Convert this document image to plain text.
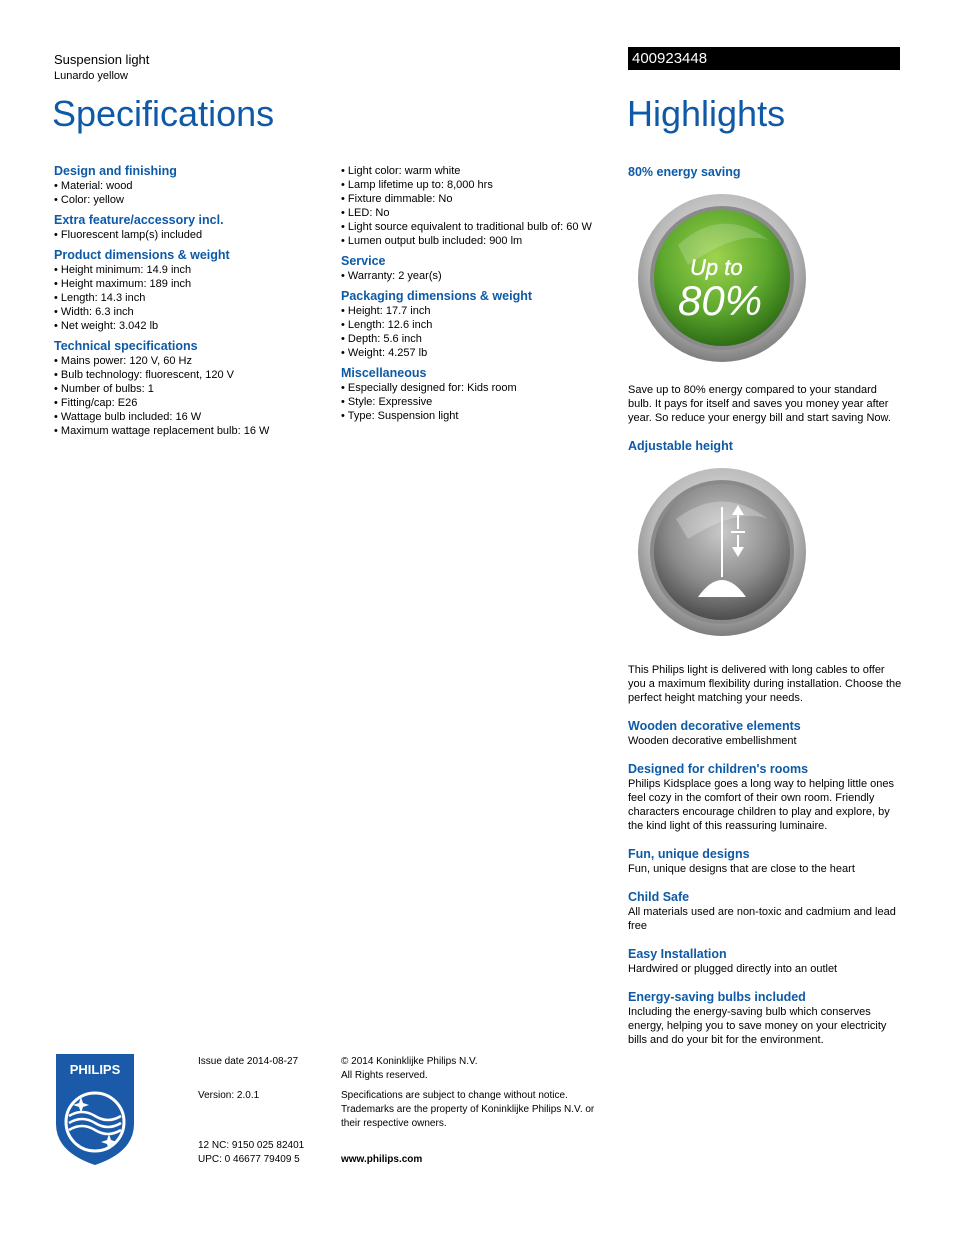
Suspension light
Lunardo yellow
400923448
Specifications	Highlights
Design and finishing
• Material: wood
• Color: yellow
Extra feature/accessory incl.
• Fluorescent lamp(s) included
Product dimensions & weight
• Height minimum: 14.9 inch
• Height maximum: 189 inch
• Length: 14.3 inch
• Width: 6.3 inch
• Net weight: 3.042 lb
Technical specifications
• Mains power: 120 V, 60 Hz
• Bulb technology: fluorescent, 120 V
• Number of bulbs: 1
• Fitting/cap: E26
• Wattage bulb included: 16 W
• Maximum wattage replacement bulb: 16 W
• Light color: warm white
• Lamp lifetime up to: 8,000 hrs
• Fixture dimmable: No
• LED: No
• Light source equivalent to traditional bulb of: 60 W
• Lumen output bulb included: 900 lm
Service
• Warranty: 2 year(s)
Packaging dimensions & weight
• Height: 17.7 inch
• Length: 12.6 inch
• Depth: 5.6 inch
• Weight: 4.257 lb
Miscellaneous
• Especially designed for: Kids room
• Style: Expressive
• Type: Suspension light
80% energy saving
Up to
80%
Save up to 80% energy compared to your standard bulb. It pays for itself and saves you money year after year. So reduce your energy bill and start saving Now.
Adjustable height
This Philips light is delivered with long cables to offer you a maximum flexibility during installation. Choose the perfect height matching your needs.
Wooden decorative elements
Wooden decorative embellishment
Designed for children's rooms
Philips Kidsplace goes a long way to helping little ones feel cozy in the comfort of their own room. Friendly characters encourage children to play and explore, by the kind light of this reassuring luminaire.
Fun, unique designs
Fun, unique designs that are close to the heart
Child Safe
All materials used are non-toxic and cadmium and lead free
Easy Installation
Hardwired or plugged directly into an outlet
Energy-saving bulbs included
Including the energy-saving bulb which conserves energy, helping you to save money on your electricity bills and do your bit for the environment.
PHILIPS
Issue date 2014-08-27
Version: 2.0.1
12 NC: 9150 025 82401
UPC: 0 46677 79409 5
© 2014 Koninklijke Philips N.V.
All Rights reserved.
Specifications are subject to change without notice. Trademarks are the property of Koninklijke Philips N.V. or their respective owners.
www.philips.com
